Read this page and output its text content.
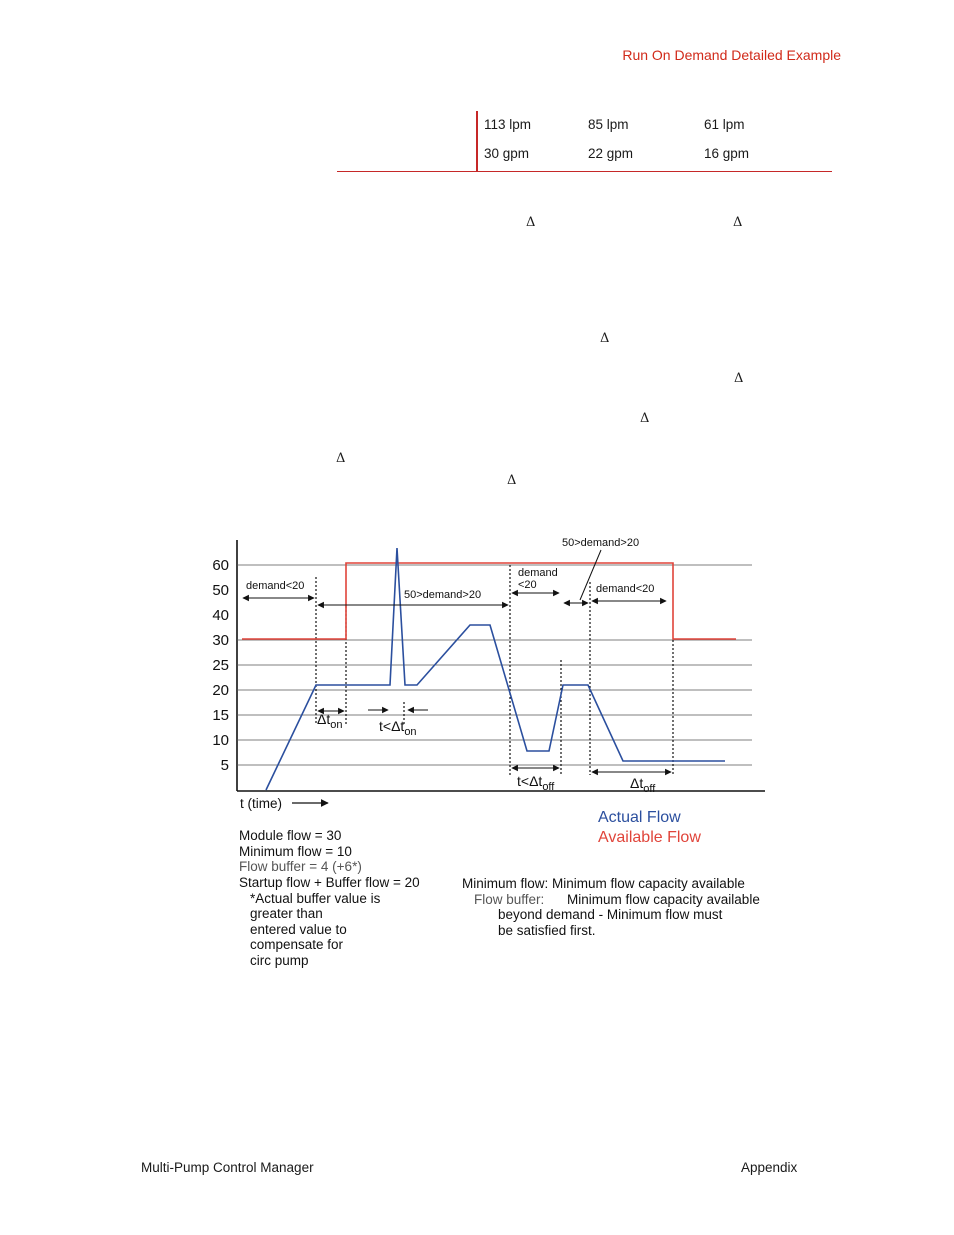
Run On Demand Detailed Example
113 lpm	85 lpm	61 lpm
30 gpm	22 gpm	16 gpm
Δ	Δ
Δ
Δ
Δ
Δ
Δ
60
50
40
30
25
20
15
10
5
t (time)
demand<20
50>demand>20
demand
<20
50>demand>20
demand<20
$\Delta t_{on}$	$t<\Delta t_{on}$
$t<\Delta t_{off}$	$\Delta t_{off}$
Actual Flow
Available Flow
Module flow = 30
Minimum flow = 10
Flow buffer = 4 (+6*)
Startup flow + Buffer flow = 20
*Actual buffer value is
greater than
entered value to
compensate for
circ pump
Minimum flow: Minimum flow capacity available
Flow buffer: Minimum flow capacity available
beyond demand - Minimum flow must
be satisfied first.
Multi-Pump Control Manager	Appendix
